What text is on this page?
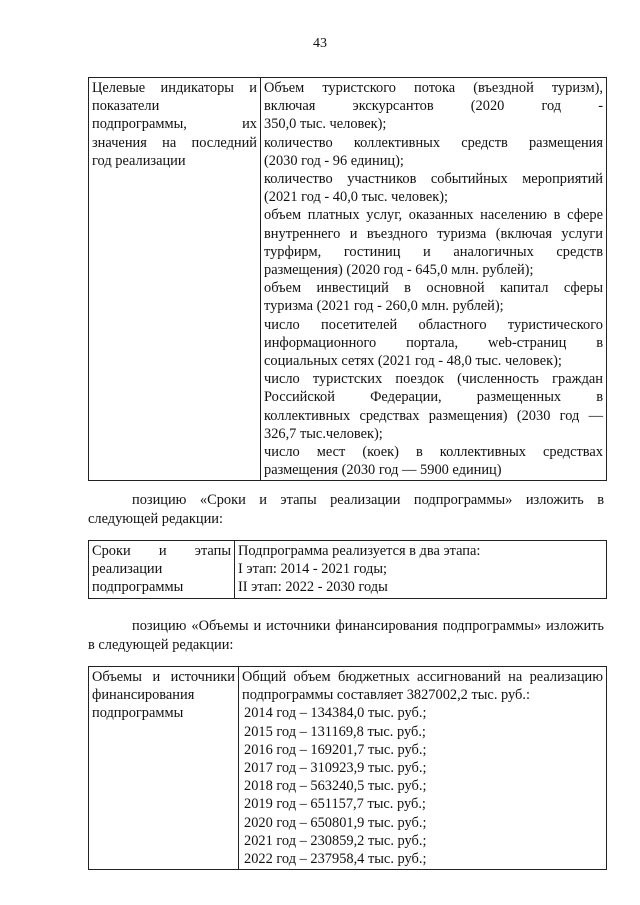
43
Целевые индикаторы и
показатели
подпрограммы, их
значения на последний
год реализации

Объем туристского потока (въездной туризм),
включая экскурсантов (2020 год -
350,0 тыс. человек);
количество коллективных средств размещения
(2030 год - 96 единиц);
количество участников событийных мероприятий
(2021 год - 40,0 тыс. человек);
объем платных услуг, оказанных населению в сфере
внутреннего и въездного туризма (включая услуги
турфирм, гостиниц и аналогичных средств
размещения) (2020 год - 645,0 млн. рублей);
объем инвестиций в основной капитал сферы
туризма (2021 год - 260,0 млн. рублей);
число посетителей областного туристического
информационного портала, web-страниц в
социальных сетях (2021 год - 48,0 тыс. человек);
число туристских поездок (численность граждан
Российской Федерации, размещенных в
коллективных средствах размещения) (2030 год —
326,7 тыс.человек);
число мест (коек) в коллективных средствах
размещения (2030 год — 5900 единиц)
позицию «Сроки и этапы реализации подпрограммы» изложить в следующей редакции:
Сроки и этапы
реализации
подпрограммы

Подпрограмма реализуется в два этапа:
I этап: 2014 - 2021 годы;
II этап: 2022 - 2030 годы
позицию «Объемы и источники финансирования подпрограммы» изложить в следующей редакции:
Объемы и источники
финансирования
подпрограммы

Общий объем бюджетных ассигнований на реализацию
подпрограммы составляет 3827002,2 тыс. руб.:
2014 год – 134384,0 тыс. руб.;
2015 год – 131169,8 тыс. руб.;
2016 год – 169201,7 тыс. руб.;
2017 год – 310923,9 тыс. руб.;
2018 год – 563240,5 тыс. руб.;
2019 год – 651157,7 тыс. руб.;
2020 год – 650801,9 тыс. руб.;
2021 год – 230859,2 тыс. руб.;
2022 год – 237958,4 тыс. руб.;
